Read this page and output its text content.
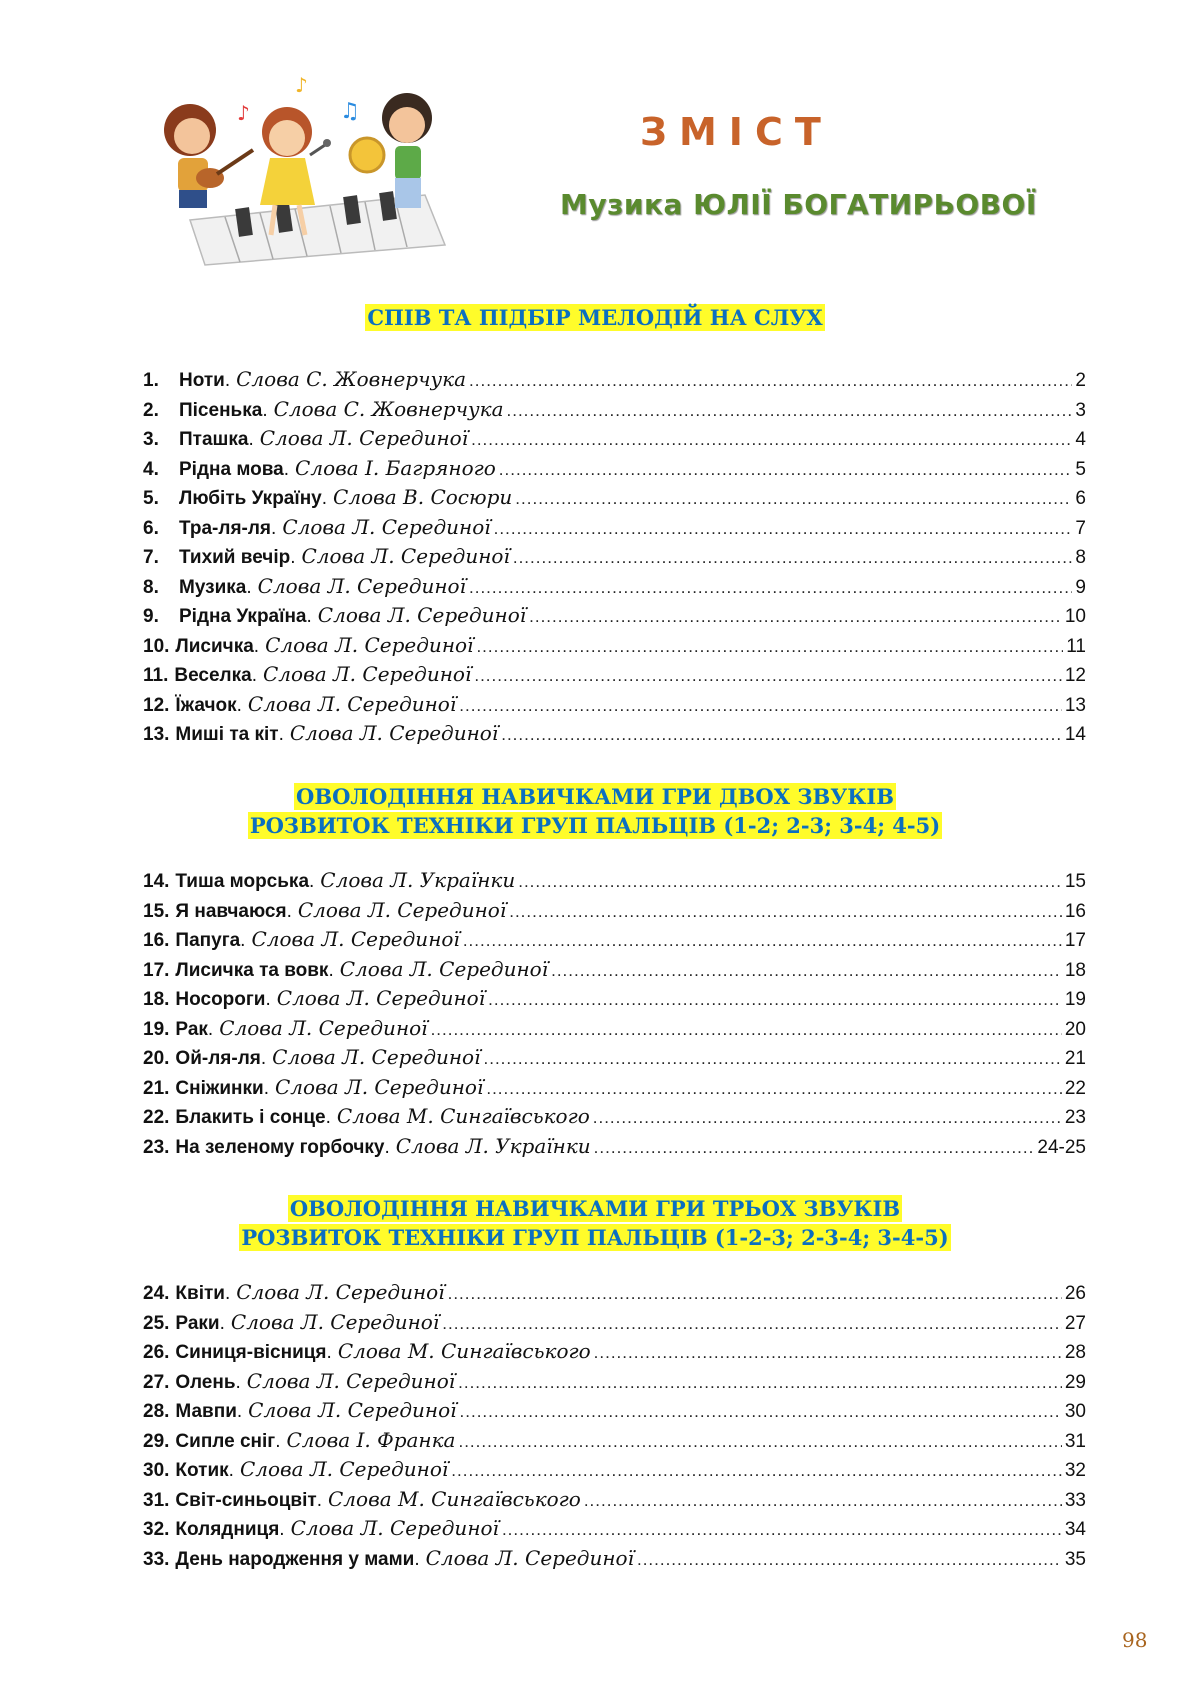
♪
♪	♫	ЗМІСТ
Музика ЮЛІЇ БОГАТИРЬОВОЇ
СПІВ ТА ПІДБІР МЕЛОДІЙ НА СЛУХ
1.	Ноти . Слова С. Жовнерчука .....	2
2.	Пісенька . Слова С. Жовнерчука .....	3
3.	Пташка . Слова Л. Серединої .....	4
4.	Рідна мова . Слова І. Багряного .....	5
5.	Любіть Україну . Слова В. Сосюри .....	6
6.	Тра-ля-ля . Слова Л. Серединої .....	7
7.	Тихий вечір . Слова Л. Серединої .....	8
8.	Музика . Слова Л. Серединої .....	9
9.	Рідна Україна . Слова Л. Серединої .....	10
10. Лисичка . Слова Л. Серединої .....	11
11. Веселка . Слова Л. Серединої .....	12
12. Їжачок . Слова Л. Серединої .....	13
13. Миші та кіт . Слова Л. Серединої .....	14
ОВОЛОДІННЯ НАВИЧКАМИ ГРИ ДВОХ ЗВУКІВ
РОЗВИТОК ТЕХНІКИ ГРУП ПАЛЬЦІВ (1-2; 2-3; 3-4; 4-5)
14. Тиша морська . Слова Л. Українки .....	15
15. Я навчаюся . Слова Л. Серединої .....	16
16. Папуга . Слова Л. Серединої .....	17
17. Лисичка та вовк . Слова Л. Серединої .....	18
18. Носороги . Слова Л. Серединої .....	19
19. Рак . Слова Л. Серединої .....	20
20. Ой-ля-ля . Слова Л. Серединої .....	21
21. Сніжинки . Слова Л. Серединої .....	22
22. Блакить і сонце . Слова М. Сингаївського .....	23
23. На зеленому горбочку . Слова Л. Українки .....	24-25
ОВОЛОДІННЯ НАВИЧКАМИ ГРИ ТРЬОХ ЗВУКІВ
РОЗВИТОК ТЕХНІКИ ГРУП ПАЛЬЦІВ (1-2-3; 2-3-4; 3-4-5)
24. Квіти . Слова Л. Серединої .....	26
25. Раки . Слова Л. Серединої .....	27
26. Синиця-вісниця . Слова М. Сингаївського .....	28
27. Олень . Слова Л. Серединої .....	29
28. Мавпи . Слова Л. Серединої .....	30
29. Сипле сніг . Слова І. Франка .....	31
30. Котик . Слова Л. Серединої .....	32
31. Світ-синьоцвіт . Слова М. Сингаївського .....	33
32. Колядниця . Слова Л. Серединої .....	34
33. День народження у мами . Слова Л. Серединої .....	35
98
